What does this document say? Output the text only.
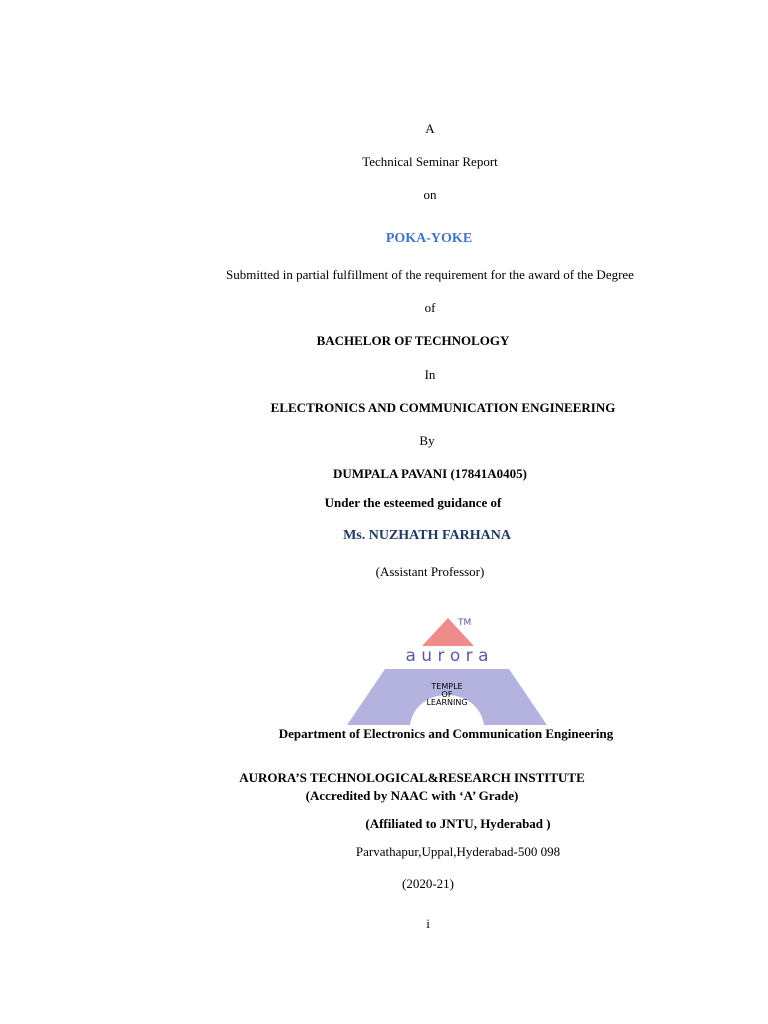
A
Technical Seminar Report
on
POKA-YOKE
Submitted in partial fulfillment of the requirement for the award of the Degree
of
BACHELOR OF TECHNOLOGY
In
ELECTRONICS AND COMMUNICATION ENGINEERING
By
DUMPALA PAVANI (17841A0405)
Under the esteemed guidance of
Ms. NUZHATH FARHANA
(Assistant Professor)
TM
a u r o r a
TEMPLE
OF
LEARNING
Department of Electronics and Communication Engineering
AURORA’S TECHNOLOGICAL&RESEARCH INSTITUTE
(Accredited by NAAC with ‘A’ Grade)
(Affiliated to JNTU, Hyderabad )
Parvathapur,Uppal,Hyderabad-500 098
(2020-21)
i
